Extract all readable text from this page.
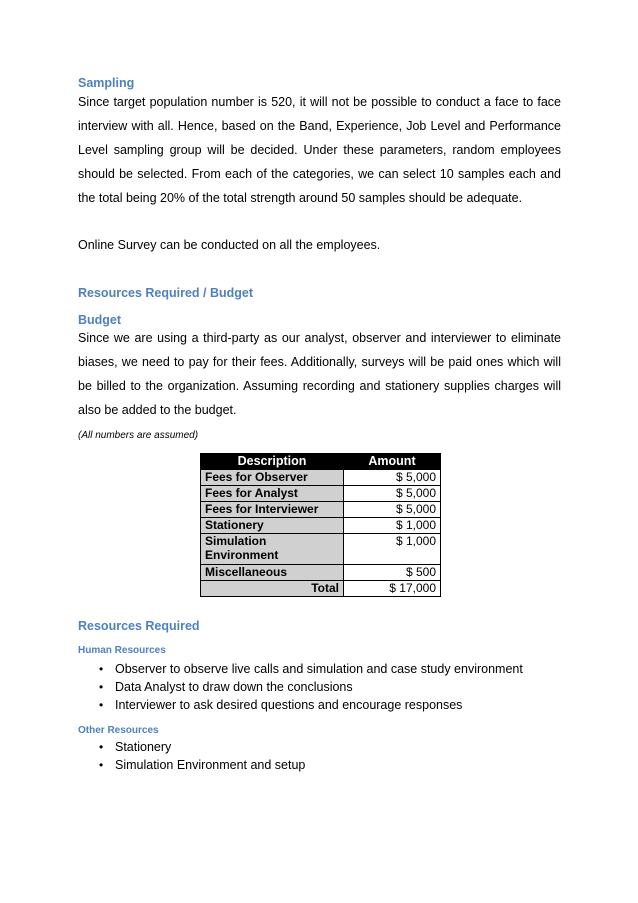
Sampling

Since target population number is 520, it will not be possible to conduct a face to face interview with all. Hence, based on the Band, Experience, Job Level and Performance Level sampling group will be decided. Under these parameters, random employees should be selected. From each of the categories, we can select 10 samples each and the total being 20% of the total strength around 50 samples should be adequate.

Online Survey can be conducted on all the employees.
Resources Required / Budget
Budget

Since we are using a third-party as our analyst, observer and interviewer to eliminate biases, we need to pay for their fees. Additionally, surveys will be paid ones which will be billed to the organization. Assuming recording and stationery supplies charges will also be added to the budget.

(All numbers are assumed)
Description	Amount
Fees for Observer	$ 5,000
Fees for Analyst	$ 5,000
Fees for Interviewer	$ 5,000
Stationery	$ 1,000
Simulation Environment	$ 1,000
Miscellaneous	$ 500
Total	$ 17,000
Resources Required
Human Resources
• Observer to observe live calls and simulation and case study environment
• Data Analyst to draw down the conclusions
• Interviewer to ask desired questions and encourage responses
Other Resources
• Stationery
• Simulation Environment and setup
